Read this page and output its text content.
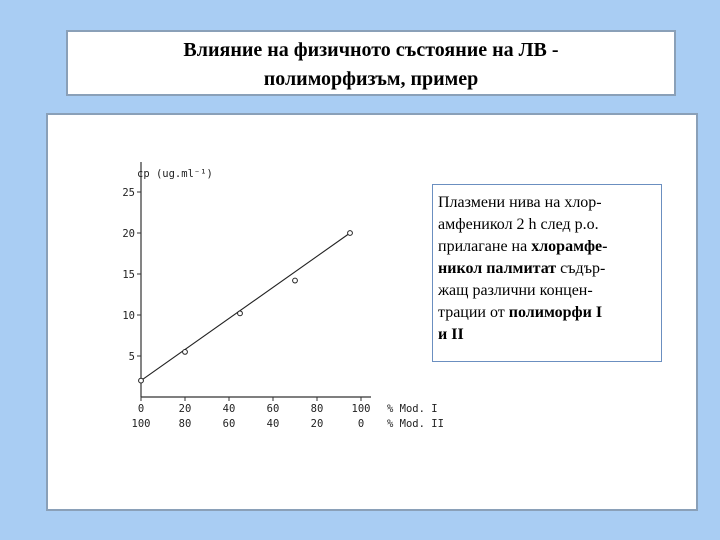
Влияние на физичното състояние на ЛВ -
полиморфизъм, пример
cp (ug.ml⁻¹)
5
10
15
20
25
0
100
20
80
40
60
60
40
80
20
100
0
% Mod. I
% Mod. II
Плазмени нива на хлор-
амфеникол 2 h след p.o.
прилагане на хлорамфе-
никол палмитат съдър-
жащ различни концен-
трации от полиморфи I
и II
